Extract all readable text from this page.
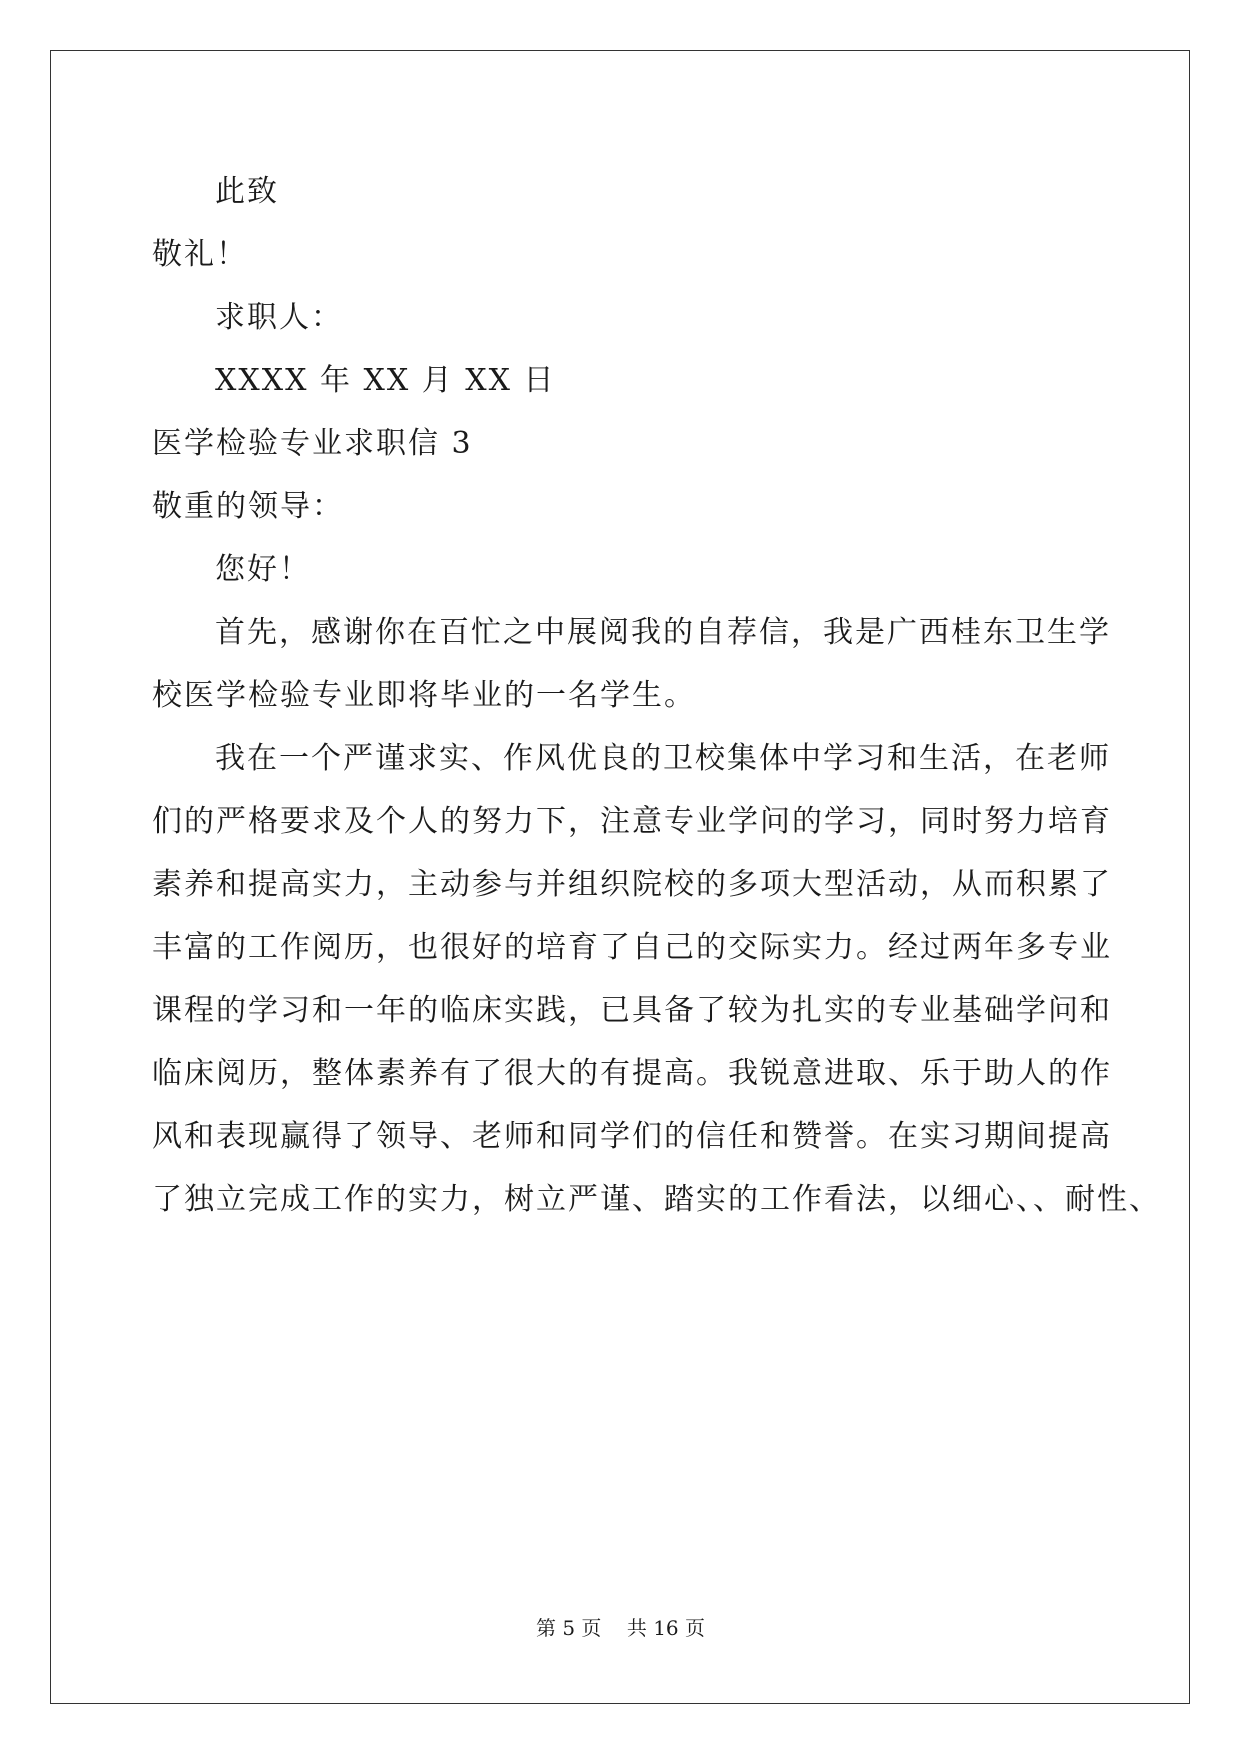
此致
敬礼！
求职人：
XXXX 年 XX 月 XX 日
医学检验专业求职信 3
敬重的领导：
您好！
首先，感谢你在百忙之中展阅我的自荐信，我是广西桂东卫生学
校医学检验专业即将毕业的一名学生。
我在一个严谨求实、作风优良的卫校集体中学习和生活，在老师
们的严格要求及个人的努力下，注意专业学问的学习，同时努力培育
素养和提高实力，主动参与并组织院校的多项大型活动，从而积累了
丰富的工作阅历，也很好的培育了自己的交际实力。经过两年多专业
课程的学习和一年的临床实践，已具备了较为扎实的专业基础学问和
临床阅历，整体素养有了很大的有提高。我锐意进取、乐于助人的作
风和表现赢得了领导、老师和同学们的信任和赞誉。在实习期间提高
了独立完成工作的实力，树立严谨、踏实的工作看法，以细心、、耐性、
第 5 页    共 16 页
